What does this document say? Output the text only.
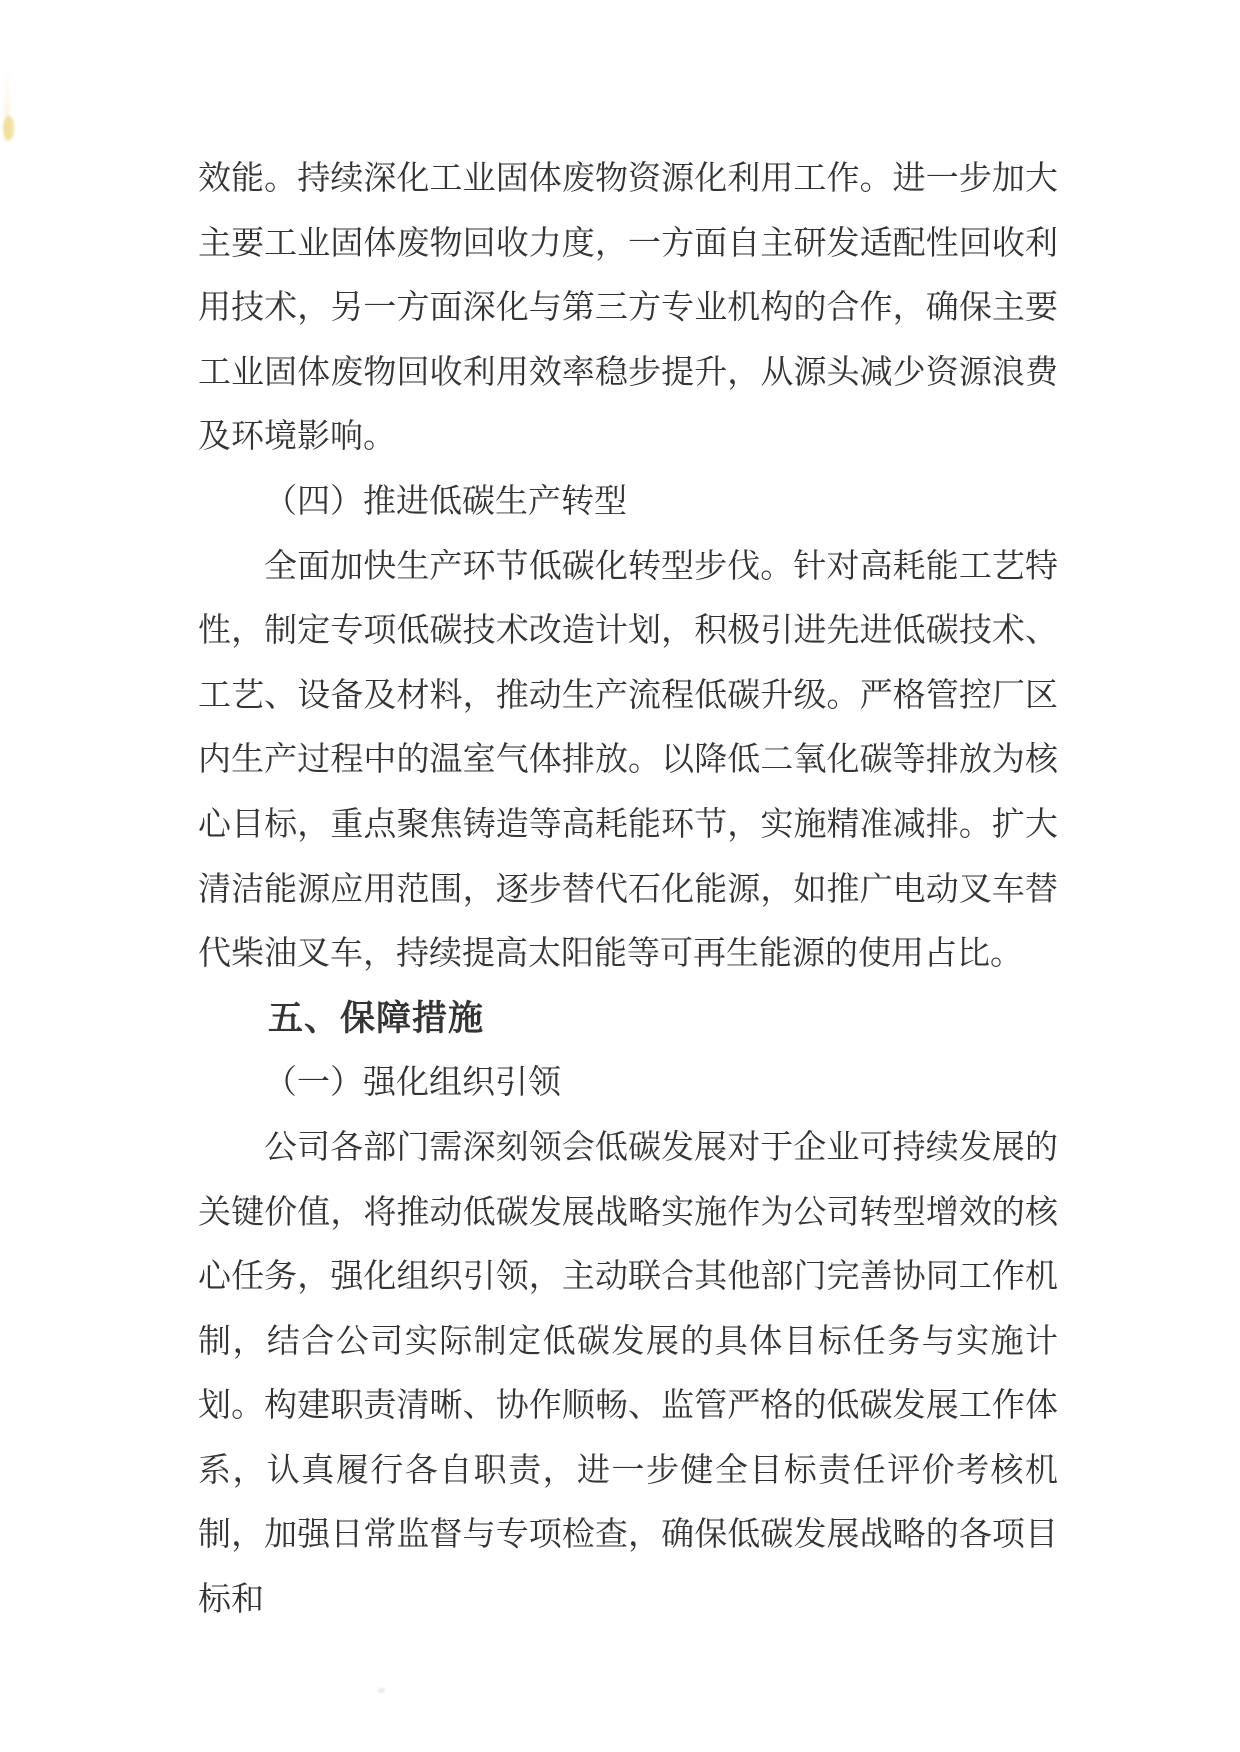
效能。持续深化工业固体废物资源化利用工作。进一步加大主要工业固体废物回收力度，一方面自主研发适配性回收利用技术，另一方面深化与第三方专业机构的合作，确保主要工业固体废物回收利用效率稳步提升，从源头减少资源浪费及环境影响。

（四）推进低碳生产转型

全面加快生产环节低碳化转型步伐。针对高耗能工艺特性，制定专项低碳技术改造计划，积极引进先进低碳技术、工艺、设备及材料，推动生产流程低碳升级。严格管控厂区内生产过程中的温室气体排放。以降低二氧化碳等排放为核心目标，重点聚焦铸造等高耗能环节，实施精准减排。扩大清洁能源应用范围，逐步替代石化能源，如推广电动叉车替代柴油叉车，持续提高太阳能等可再生能源的使用占比。

五、保障措施

（一）强化组织引领

公司各部门需深刻领会低碳发展对于企业可持续发展的关键价值，将推动低碳发展战略实施作为公司转型增效的核心任务，强化组织引领，主动联合其他部门完善协同工作机制，结合公司实际制定低碳发展的具体目标任务与实施计划。构建职责清晰、协作顺畅、监管严格的低碳发展工作体系，认真履行各自职责，进一步健全目标责任评价考核机制，加强日常监督与专项检查，确保低碳发展战略的各项目标和
